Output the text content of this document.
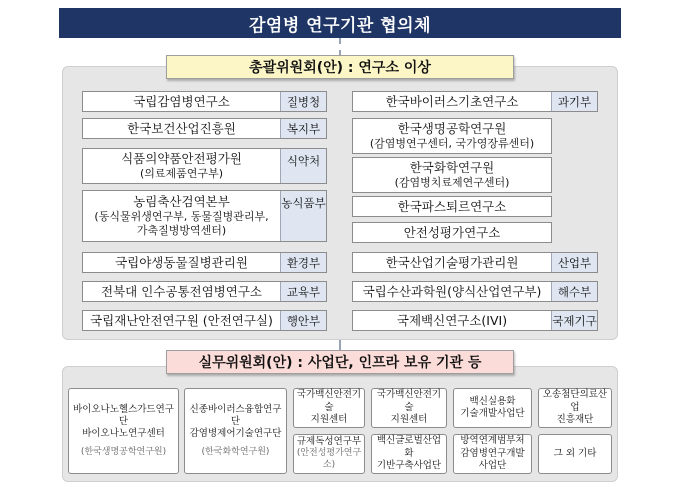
감염병 연구기관 협의체
총괄위원회(안) : 연구소 이상
국립감염병연구소	질병청
한국보건산업진흥원	복지부
식품의약품안전평가원
(의료제품연구부)
식약처
농림축산검역본부
(동식물위생연구부, 동물질병관리부,
가축질병방역센터)
농식품부
국립야생동물질병관리원	환경부
전북대 인수공통전염병연구소	교육부
국립재난안전연구원 (안전연구실)	행안부
한국바이러스기초연구소	과기부
한국생명공학연구원
(감염병연구센터, 국가영장류센터)
한국화학연구원
(감염병치료제연구센터)
한국파스퇴르연구소
안전성평가연구소
한국산업기술평가관리원	산업부
국립수산과학원(양식산업연구부)	해수부
국제백신연구소(IVI)	국제기구
실무위원회(안) : 사업단, 인프라 보유 기관 등
바이오나노헬스가드연구단
바이오나노연구센터
(한국생명공학연구원)
신종바이러스융합연구단
감염병제어기술연구단
(한국화학연구원)
국가백신안전기술
지원센터
국가백신안전기술
지원센터
백신실용화
기술개발사업단
오송첨단의료산업
진흥재단
규제독성연구부
(안전성평가연구소)
백신글로벌산업화
기반구축사업단
방역연계범부처
감염병연구개발
사업단
그 외 기타
